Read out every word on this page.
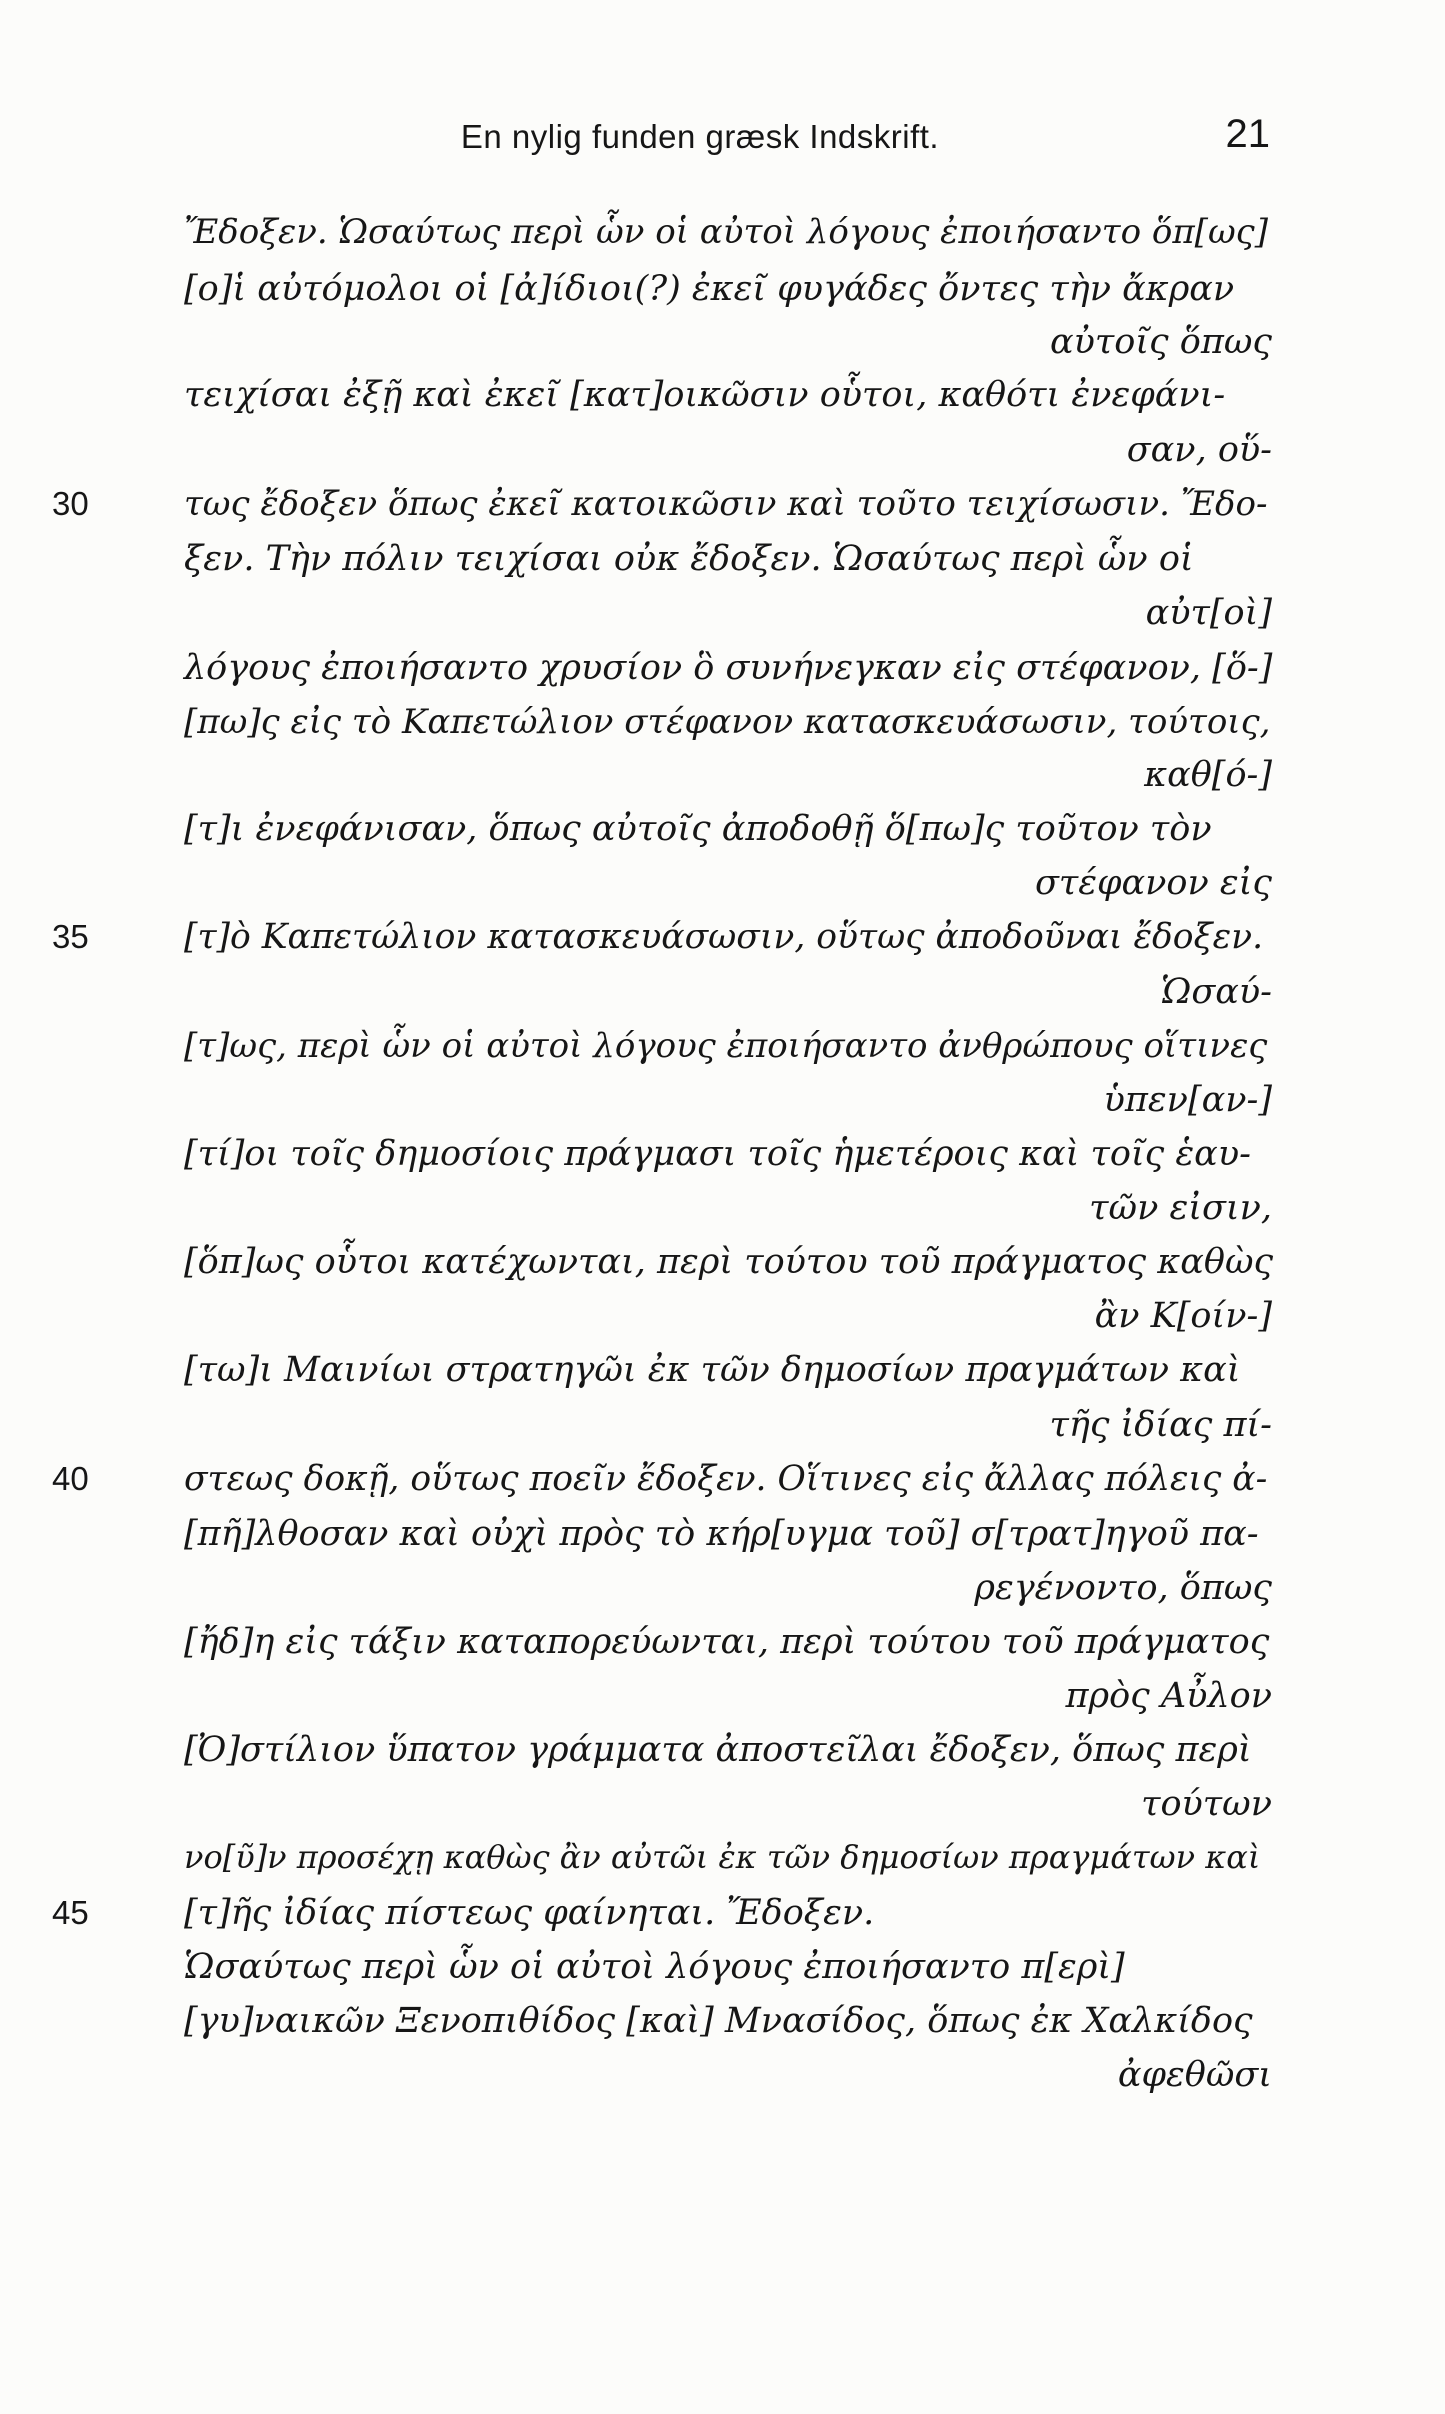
En nylig funden græsk Indskrift.	21
Ἔδοξεν. Ὡσαύτως περὶ ὧν οἱ αὐτοὶ λόγους ἐποιήσαντο ὅπ[ως]
[ο]ἱ αὐτόμολοι οἱ [ἀ]ίδιοι(?) ἐκεῖ φυγάδες ὄντες τὴν ἄκραν
αὐτοῖς ὅπως
τειχίσαι ἐξῇ καὶ ἐκεῖ [κατ]οικῶσιν οὗτοι, καθότι ἐνεφάνι-
σαν, οὕ-
30	τως ἔδοξεν ὅπως ἐκεῖ κατοικῶσιν καὶ τοῦτο τειχίσωσιν. Ἔδο-
ξεν. Τὴν πόλιν τειχίσαι οὐκ ἔδοξεν. Ὡσαύτως περὶ ὧν οἱ
αὐτ[οὶ]
λόγους ἐποιήσαντο χρυσίον ὃ συνήνεγκαν εἰς στέφανον, [ὅ-]
[πω]ς εἰς τὸ Καπετώλιον στέφανον κατασκευάσωσιν, τούτοις,
καθ[ό-]
[τ]ι ἐνεφάνισαν, ὅπως αὐτοῖς ἀποδοθῇ ὅ[πω]ς τοῦτον τὸν
στέφανον εἰς
35	[τ]ὸ Καπετώλιον κατασκευάσωσιν, οὕτως ἀποδοῦναι ἔδοξεν.
Ὡσαύ-
[τ]ως, περὶ ὧν οἱ αὐτοὶ λόγους ἐποιήσαντο ἀνθρώπους οἵτινες
ὑπεν[αν-]
[τί]οι τοῖς δημοσίοις πράγμασι τοῖς ἡμετέροις καὶ τοῖς ἑαυ-
τῶν εἰσιν,
[ὅπ]ως οὗτοι κατέχωνται, περὶ τούτου τοῦ πράγματος καθὼς
ἂν Κ[οίν-]
[τω]ι Μαινίωι στρατηγῶι ἐκ τῶν δημοσίων πραγμάτων καὶ
τῆς ἰδίας πί-
40	στεως δοκῇ, οὕτως ποεῖν ἔδοξεν. Οἵτινες εἰς ἄλλας πόλεις ἀ-
[πῆ]λθοσαν καὶ οὐχὶ πρὸς τὸ κήρ[υγμα τοῦ] σ[τρατ]ηγοῦ πα-
ρεγένοντο, ὅπως
[ἤδ]η εἰς τάξιν καταπορεύωνται, περὶ τούτου τοῦ πράγματος
πρὸς Αὖλον
[Ὀ]στίλιον ὕπατον γράμματα ἀποστεῖλαι ἔδοξεν, ὅπως περὶ
τούτων
νο[ῦ]ν προσέχῃ καθὼς ἂν αὐτῶι ἐκ τῶν δημοσίων πραγμάτων καὶ
45	[τ]ῆς ἰδίας πίστεως φαίνηται. Ἔδοξεν.
Ὡσαύτως περὶ ὧν οἱ αὐτοὶ λόγους ἐποιήσαντο π[ερὶ]
[γυ]ναικῶν Ξενοπιθίδος [καὶ] Μνασίδος, ὅπως ἐκ Χαλκίδος
ἀφεθῶσι
